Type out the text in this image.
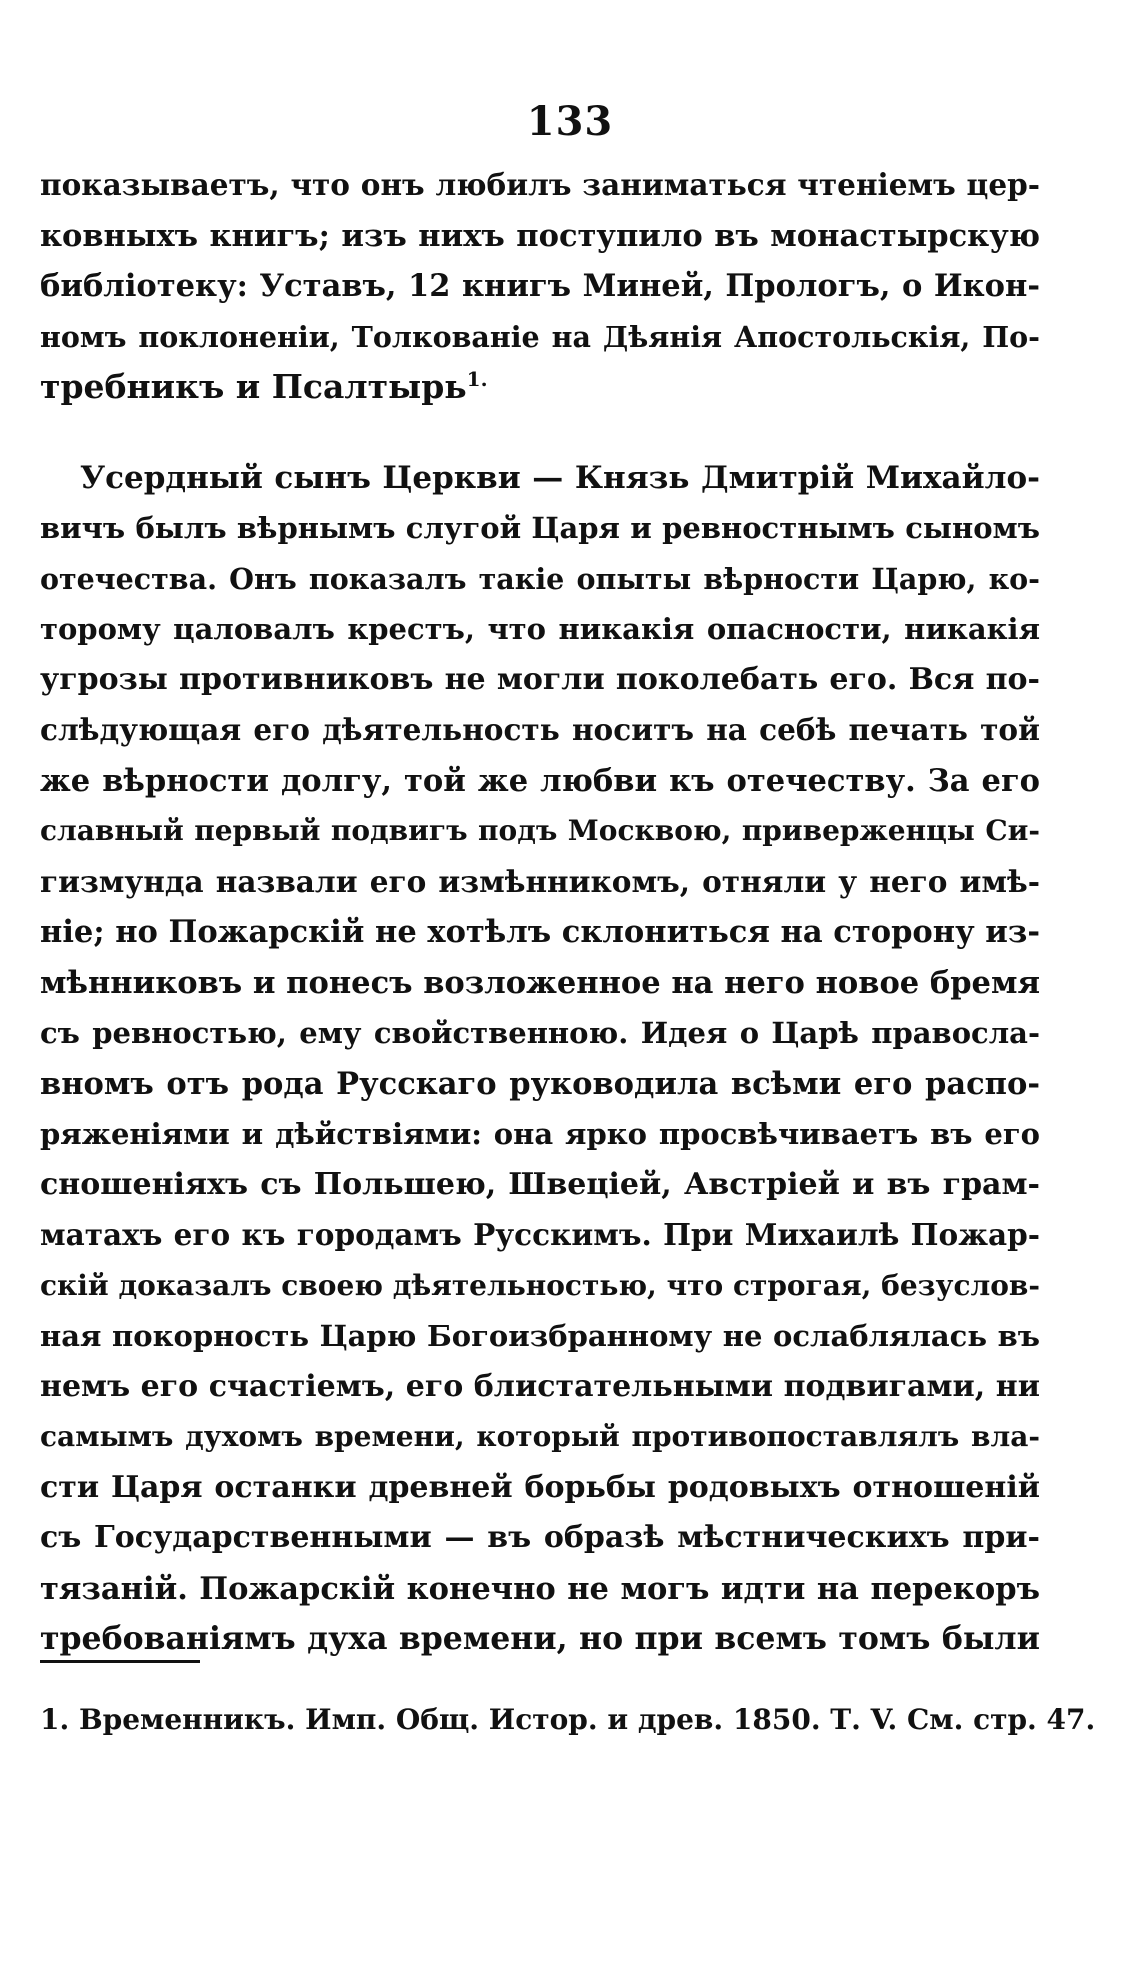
133
показываетъ, что онъ любилъ заниматься чтеніемъ цер-
ковныхъ книгъ; изъ нихъ поступило въ монастырскую
библіотеку: Уставъ, 12 книгъ Миней, Прологъ, о Икон-
номъ поклоненіи, Толкованіе на Дѣянія Апостольскія, По-
требникъ и Псалтырь$^{1.}$
Усердный сынъ Церкви — Князь Дмитрій Михайло-
вичъ былъ вѣрнымъ слугой Царя и ревностнымъ сыномъ
отечества. Онъ показалъ такіе опыты вѣрности Царю, ко-
торому цаловалъ крестъ, что никакія опасности, никакія
угрозы противниковъ не могли поколебать его. Вся по-
слѣдующая его дѣятельность носитъ на себѣ печать той
же вѣрности долгу, той же любви къ отечеству. За его
славный первый подвигъ подъ Москвою, приверженцы Си-
гизмунда назвали его измѣнникомъ, отняли у него имѣ-
ніе; но Пожарскій не хотѣлъ склониться на сторону из-
мѣнниковъ и понесъ возложенное на него новое бремя
съ ревностью, ему свойственною. Идея о Царѣ правосла-
вномъ отъ рода Русскаго руководила всѣми его распо-
ряженіями и дѣйствіями: она ярко просвѣчиваетъ въ его
сношеніяхъ съ Польшею, Швеціей, Австріей и въ грам-
матахъ его къ городамъ Русскимъ. При Михаилѣ Пожар-
скій доказалъ своею дѣятельностью, что строгая, безуслов-
ная покорность Царю Богоизбранному не ослаблялась въ
немъ его счастіемъ, его блистательными подвигами, ни
самымъ духомъ времени, который противопоставлялъ вла-
сти Царя останки древней борьбы родовыхъ отношеній
съ Государственными — въ образѣ мѣстническихъ при-
тязаній. Пожарскій конечно не могъ идти на перекоръ
требованіямъ духа времени, но при всемъ томъ были
1. Временникъ. Имп. Общ. Истор. и древ. 1850. Т. V. См. стр. 47.
